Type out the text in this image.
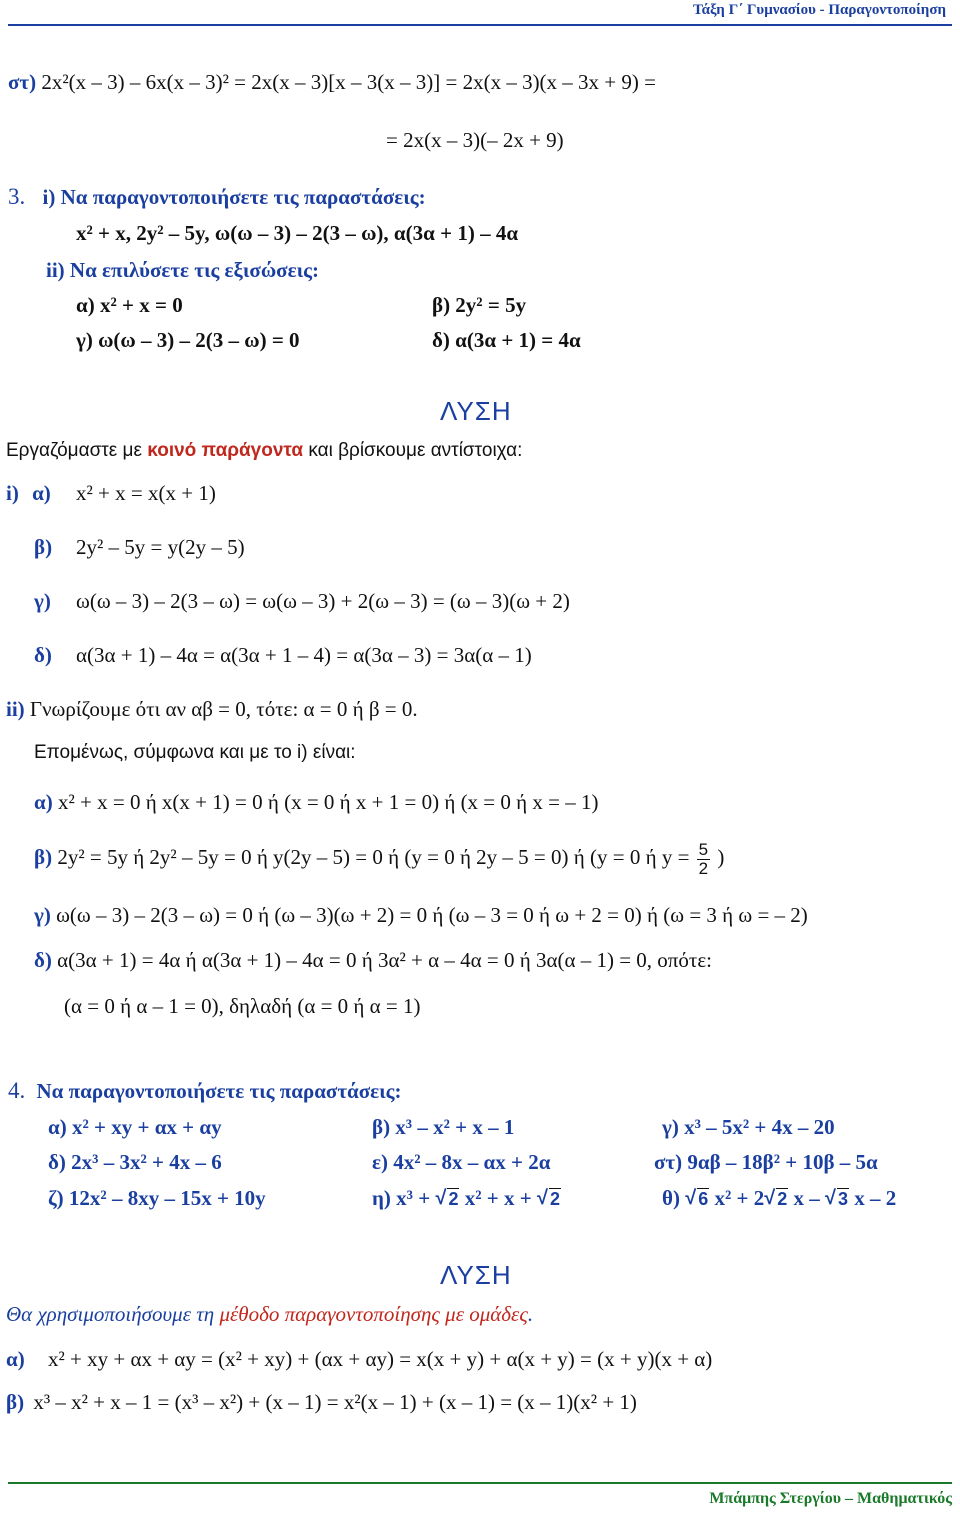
Τάξη Γ΄ Γυμνασίου - Παραγοντοποίηση
στ) 2x²(x – 3) – 6x(x – 3)² = 2x(x – 3)[x – 3(x – 3)] = 2x(x – 3)(x – 3x + 9) =
= 2x(x – 3)(– 2x + 9)
3. i) Να παραγοντοποιήσετε τις παραστάσεις:
x² + x, 2y² – 5y, ω(ω – 3) – 2(3 – ω), α(3α + 1) – 4α
ii) Να επιλύσετε τις εξισώσεις:
α) x² + x = 0	β) 2y² = 5y
γ) ω(ω – 3) – 2(3 – ω) = 0	δ) α(3α + 1) = 4α
ΛΥΣΗ
Εργαζόμαστε με κοινό παράγοντα και βρίσκουμε αντίστοιχα:
i) α) x² + x = x(x + 1)
β) 2y² – 5y = y(2y – 5)
γ) ω(ω – 3) – 2(3 – ω) = ω(ω – 3) + 2(ω – 3) = (ω – 3)(ω + 2)
δ) α(3α + 1) – 4α = α(3α + 1 – 4) = α(3α – 3) = 3α(α – 1)
ii) Γνωρίζουμε ότι αν αβ = 0, τότε: α = 0 ή β = 0.
Επομένως, σύμφωνα και με το i) είναι:
α) x² + x = 0 ή x(x + 1) = 0 ή (x = 0 ή x + 1 = 0) ή (x = 0 ή x = – 1)
β) 2y² = 5y ή 2y² – 5y = 0 ή y(2y – 5) = 0 ή (y = 0 ή 2y – 5 = 0) ή (y = 0 ή $y = \frac{5}{2}$ )
γ) ω(ω – 3) – 2(3 – ω) = 0 ή (ω – 3)(ω + 2) = 0 ή (ω – 3 = 0 ή ω + 2 = 0) ή (ω = 3 ή ω = – 2)
δ) α(3α + 1) = 4α ή α(3α + 1) – 4α = 0 ή 3α² + α – 4α = 0 ή 3α(α – 1) = 0, οπότε:
(α = 0 ή α – 1 = 0), δηλαδή (α = 0 ή α = 1)
4. Να παραγοντοποιήσετε τις παραστάσεις:
α) x² + xy + αx + αy	β) x³ – x² + x – 1	γ) x³ – 5x² + 4x – 20
δ) 2x³ – 3x² + 4x – 6	ε) 4x² – 8x – αx + 2α	στ) 9αβ – 18β² + 10β – 5α
ζ) 12x² – 8xy – 15x + 10y	η) x³ + √ 2 x² + x + √ 2	θ) √ 6 x² + 2√ 2 x – √ 3 x – 2
ΛΥΣΗ
Θα χρησιμοποιήσουμε τη μέθοδο παραγοντοποίησης με ομάδες.
α) x² + xy + αx + αy = (x² + xy) + (αx + αy) = x(x + y) + α(x + y) = (x + y)(x + α)
β) x³ – x² + x – 1 = (x³ – x²) + (x – 1) = x²(x – 1) + (x – 1) = (x – 1)(x² + 1)
Μπάμπης Στεργίου – Μαθηματικός
